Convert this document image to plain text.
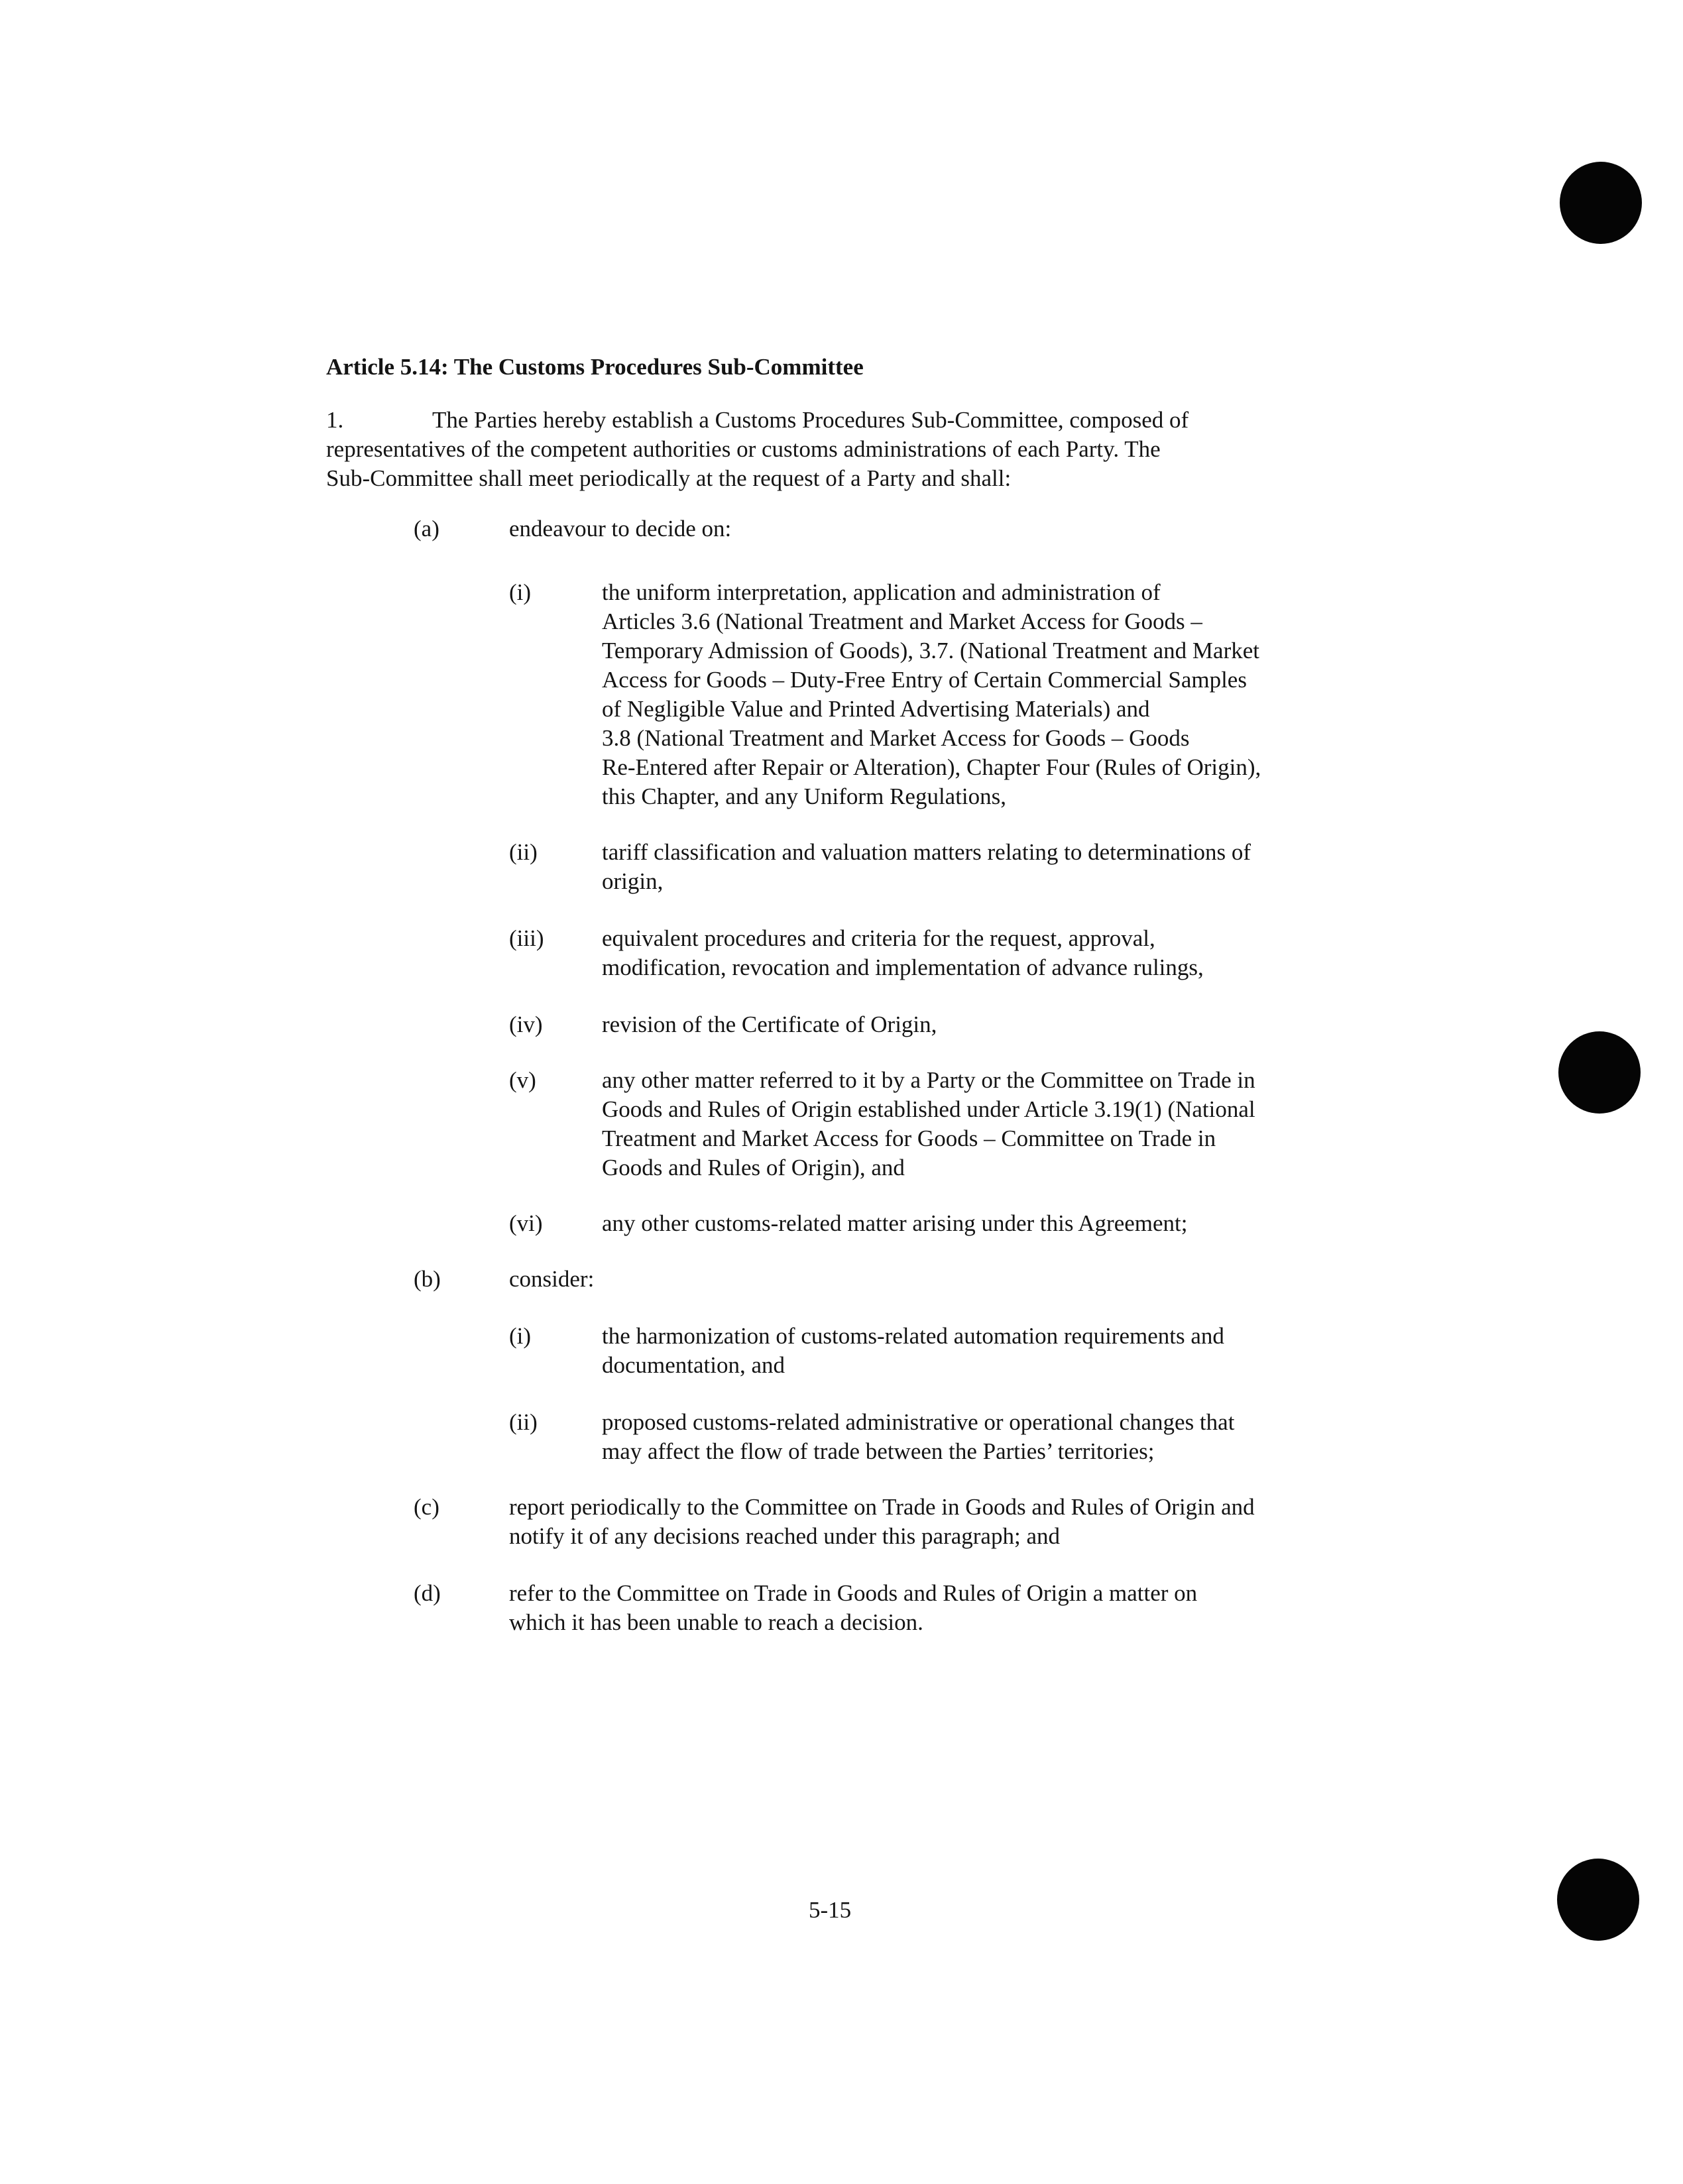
Article 5.14: The Customs Procedures Sub-Committee
1.	The Parties hereby establish a Customs Procedures Sub-Committee, composed of
representatives of the competent authorities or customs administrations of each Party. The
Sub-Committee shall meet periodically at the request of a Party and shall:
(a)	endeavour to decide on:
(i)	the uniform interpretation, application and administration of
Articles 3.6 (National Treatment and Market Access for Goods –
Temporary Admission of Goods), 3.7. (National Treatment and Market
Access for Goods – Duty-Free Entry of Certain Commercial Samples
of Negligible Value and Printed Advertising Materials) and
3.8 (National Treatment and Market Access for Goods – Goods
Re-Entered after Repair or Alteration), Chapter Four (Rules of Origin),
this Chapter, and any Uniform Regulations,
(ii)	tariff classification and valuation matters relating to determinations of
origin,
(iii)	equivalent procedures and criteria for the request, approval,
modification, revocation and implementation of advance rulings,
(iv)	revision of the Certificate of Origin,
(v)	any other matter referred to it by a Party or the Committee on Trade in
Goods and Rules of Origin established under Article 3.19(1) (National
Treatment and Market Access for Goods – Committee on Trade in
Goods and Rules of Origin), and
(vi)	any other customs-related matter arising under this Agreement;
(b)	consider:
(i)	the harmonization of customs-related automation requirements and
documentation, and
(ii)	proposed customs-related administrative or operational changes that
may affect the flow of trade between the Parties’ territories;
(c)	report periodically to the Committee on Trade in Goods and Rules of Origin and
notify it of any decisions reached under this paragraph; and
(d)	refer to the Committee on Trade in Goods and Rules of Origin a matter on
which it has been unable to reach a decision.
5-15
